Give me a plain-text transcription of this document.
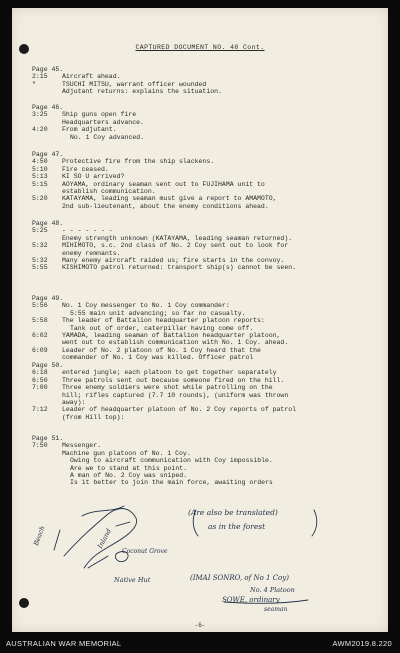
CAPTURED DOCUMENT NO. 48 Cont.
Page 45.
2:15	Aircraft ahead.
"	TSUCHI MITSU, warrant officer wounded
Adjutant returns: explains the situation.
Page 46.
3:25	Ship guns open fire
Headquarters advance.
4:20	From adjutant.
No. 1 Coy advanced.
Page 47.
4:50	Protective fire from the ship slackens.
5:10	Fire ceased.
5:13	KI SO U arrived?
5:15	AOYAMA, ordinary seaman sent out to FUJIHAMA unit to
establish communication.
5:20	KATAYAMA, leading seaman must give a report to AMAMOTO,
2nd sub-lieutenant, about the enemy conditions ahead.
Page 48.
5:25	- - - - - - -
Enemy strength unknown (KATAYAMA, leading seaman returned).
5:32	MIHIMOTO, s.c. 2nd class of No. 2 Coy sent out to look for
enemy remnants.
5:32	Many enemy aircraft raided us; fire starts in the convoy.
5:55	KISHIMOTO patrol returned: transport ship(s) cannot be seen.
Page 49.
5:56	No. 1 Coy messenger to No. 1 Coy commander:
5:55 main unit advancing; so far no casualty.
5:58	The leader of Battalion headquarter platoon reports:
Tank out of order, caterpillar having come off.
6:02	YAMADA, leading seaman of Battalion headquarter platoon,
went out to establish communication with No. 1 Coy. ahead.
6:09	Leader of No. 2 platoon of No. 1 Coy heard that the
commander of No. 1 Coy was killed. Officer patrol
Page 50.
6:18	entered jungle; each platoon to get together separately
6:50	Three patrols sent out because someone fired on the hill.
7:00	Three enemy soldiers were shot while patrolling on the
hill; rifles captured (7.7 10 rounds), (uniform was thrown
away):
7:12	Leader of headquarter platoon of No. 2 Coy reports of patrol
(from Hill top):
Page 51.
7:50	Messenger.
Machine gun platoon of No. 1 Coy.
Owing to aircraft communication with Coy impossible.
Are we to stand at this point.
A man of No. 2 Coy was sniped.
Is it better to join the main force, awaiting orders
(Are also be translated)
as in the forest
Beach	Inland
Coconut Grove
Native Hut	(IMAI SONRO, of No 1 Coy)
No. 4 Platoon
SOWE, ordinary
seaman
-6-
AUSTRALIAN WAR MEMORIAL	AWM2019.8.220
